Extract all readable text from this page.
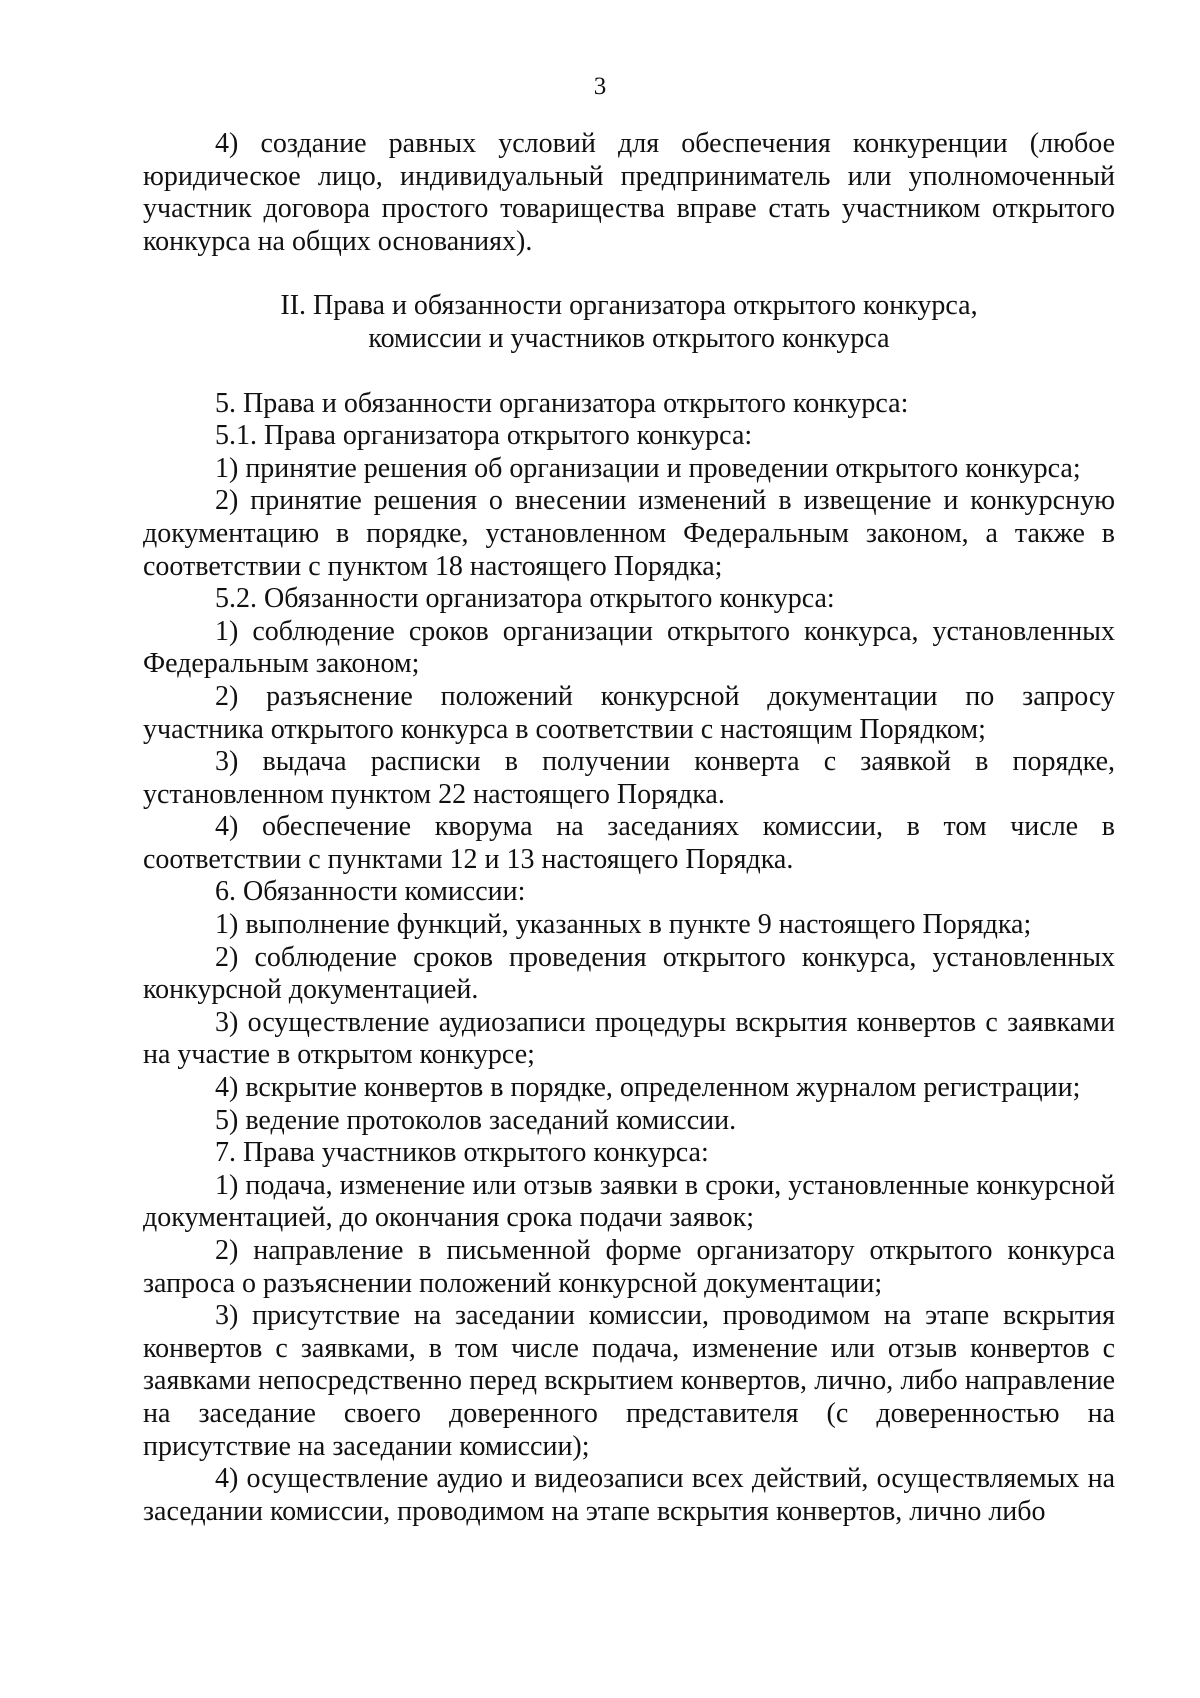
3

4) создание равных условий для обеспечения конкуренции (любое юридическое лицо, индивидуальный предприниматель или уполномоченный участник договора простого товарищества вправе стать участником открытого конкурса на общих основаниях).

II. Права и обязанности организатора открытого конкурса,

комиссии и участников открытого конкурса

5. Права и обязанности организатора открытого конкурса:

5.1. Права организатора открытого конкурса:

1) принятие решения об организации и проведении открытого конкурса;

2) принятие решения о внесении изменений в извещение и конкурсную документацию в порядке, установленном Федеральным законом, а также в соответствии с пунктом 18 настоящего Порядка;

5.2. Обязанности организатора открытого конкурса:

1) соблюдение сроков организации открытого конкурса, установленных Федеральным законом;

2) разъяснение положений конкурсной документации по запросу участника открытого конкурса в соответствии с настоящим Порядком;

3) выдача расписки в получении конверта с заявкой в порядке, установленном пунктом 22 настоящего Порядка.

4) обеспечение кворума на заседаниях комиссии, в том числе в соответствии с пунктами 12 и 13 настоящего Порядка.

6. Обязанности комиссии:

1) выполнение функций, указанных в пункте 9 настоящего Порядка;

2) соблюдение сроков проведения открытого конкурса, установленных конкурсной документацией.

3) осуществление аудиозаписи процедуры вскрытия конвертов с заявками на участие в открытом конкурсе;

4) вскрытие конвертов в порядке, определенном журналом регистрации;

5) ведение протоколов заседаний комиссии.

7. Права участников открытого конкурса:

1) подача, изменение или отзыв заявки в сроки, установленные конкурсной документацией, до окончания срока подачи заявок;

2) направление в письменной форме организатору открытого конкурса запроса о разъяснении положений конкурсной документации;

3) присутствие на заседании комиссии, проводимом на этапе вскрытия конвертов с заявками, в том числе подача, изменение или отзыв конвертов с заявками непосредственно перед вскрытием конвертов, лично, либо направление на заседание своего доверенного представителя (с доверенностью на присутствие на заседании комиссии);

4) осуществление аудио и видеозаписи всех действий, осуществляемых на заседании комиссии, проводимом на этапе вскрытия конвертов, лично либо
